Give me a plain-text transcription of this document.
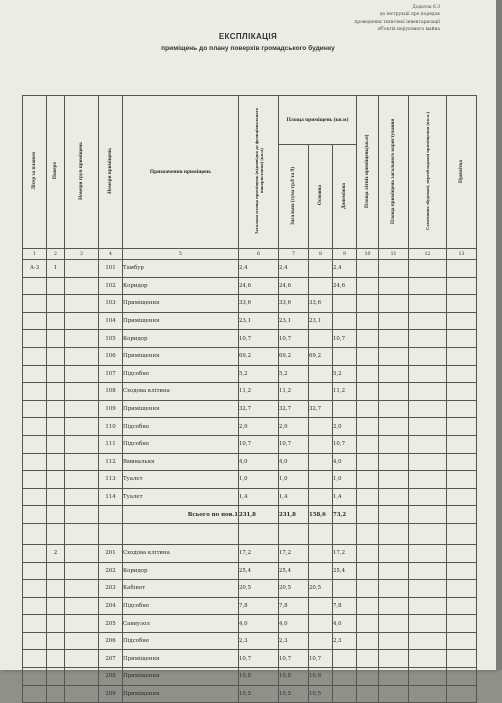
Додаток 6.3
до інструкції про порядок
проведення технічної інвентаризації
об'єктів нерухомого майна
ЕКСПЛІКАЦІЯ
приміщень до плану поверхів громадського будинку
Літер за планом	Поверх	Номери груп приміщень	Номери приміщень	Призначення приміщень	Загальна площа приміщень (відповідно до функціонального використання) (кв.м)	Площа приміщень (кв.м)			Площа літніх приміщень(кв.м)	Площа приміщень загального користування	Самочинно збудовані, переобладнані приміщення (кв.м.)	Примітка
						Загальна (сума гр.8 та 9)	Основна	Допоміжна				
1	2	3	4	5	6	7	8	9	10	11	12	13
А-3	1		101	Тамбур	2,4	2,4		2,4				
			102	Коридор	24,6	24,6		24,6				
			103	Приміщення	33,6	33,6	33,6					
			104	Приміщення	23,1	23,1	23,1					
			105	Коридор	10,7	10,7		10,7				
			106	Приміщення	69,2	69,2	69,2					
			107	Підсобне	5,2	5,2		5,2				
			108	Сходова клітина	11,2	11,2		11,2				
			109	Приміщення	32,7	32,7	32,7					
			110	Підсобне	2,0	2,0		2,0				
			111	Підсобне	10,7	10,7		10,7				
			112	Вмивальня	4,0	4,0		4,0				
			113	Туалет	1,0	1,0		1,0				
			114	Туалет	1,4	1,4		1,4				
				Всього по пов.1	231,8	231,8	158,6	73,2				

	2		201	Сходова клітина	17,2	17,2		17,2				
			202	Коридор	25,4	25,4		25,4				
			203	Кабінет	20,5	20,5	20,5					
			204	Підсобне	7,8	7,8		7,8				
			205	Санвузол	4,0	4,0		4,0				
			206	Підсобне	2,3	2,3		2,3				
			207	Приміщення	10,7	10,7	10,7					
			208	Приміщення	10,8	10,8	10,8					
			209	Приміщення	10,5	10,5	10,5					
